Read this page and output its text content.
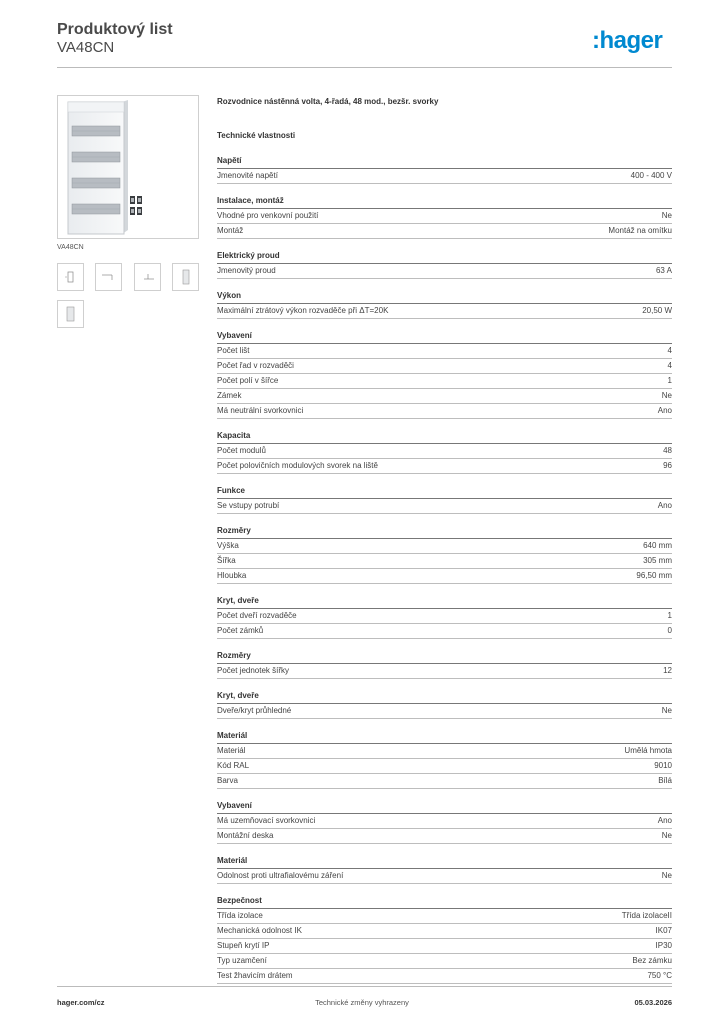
Produktový list
VA48CN	:hager
VA48CN
Rozvodnice nástěnná volta, 4-řadá, 48 mod., bezšr. svorky
Technické vlastnosti
Napětí
Jmenovité napětí	400 - 400 V
Instalace, montáž
Vhodné pro venkovní použití	Ne
Montáž	Montáž na omítku
Elektrický proud
Jmenovitý proud	63 A
Výkon
Maximální ztrátový výkon rozvaděče při ΔT=20K	20,50 W
Vybavení
Počet lišt	4
Počet řad v rozvaděči	4
Počet polí v šířce	1
Zámek	Ne
Má neutrální svorkovnici	Ano
Kapacita
Počet modulů	48
Počet polovičních modulových svorek na liště	96
Funkce
Se vstupy potrubí	Ano
Rozměry
Výška	640 mm
Šířka	305 mm
Hloubka	96,50 mm
Kryt, dveře
Počet dveří rozvaděče	1
Počet zámků	0
Rozměry
Počet jednotek šířky	12
Kryt, dveře
Dveře/kryt průhledné	Ne
Materiál
Materiál	Umělá hmota
Kód RAL	9010
Barva	Bílá
Vybavení
Má uzemňovací svorkovnici	Ano
Montážní deska	Ne
Materiál
Odolnost proti ultrafialovému záření	Ne
Bezpečnost
Třída izolace	Třída izolaceII
Mechanická odolnost IK	IK07
Stupeň krytí IP	IP30
Typ uzamčení	Bez zámku
Test žhavicím drátem	750 °C
hager.com/cz	Technické změny vyhrazeny	05.03.2026
